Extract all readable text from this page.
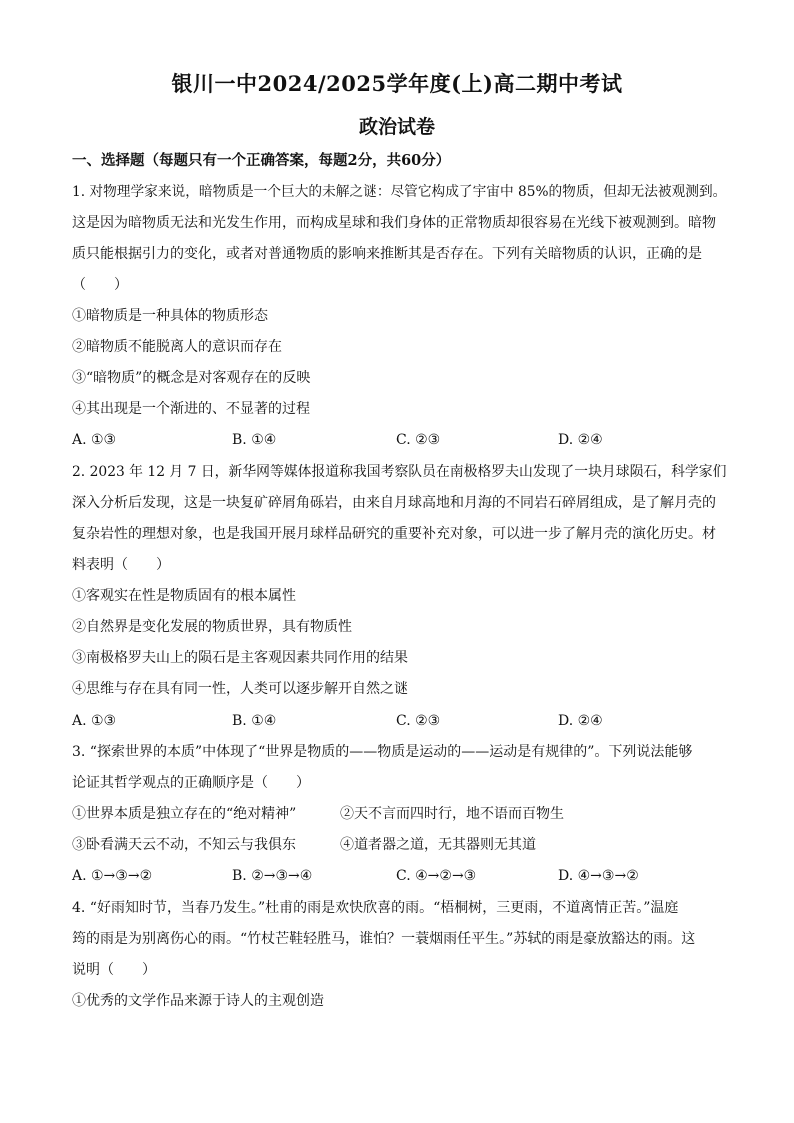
银川一中2024/2025学年度(上)高二期中考试
政治试卷
一、选择题（每题只有一个正确答案，每题2分，共60分）
1. 对物理学家来说，暗物质是一个巨大的未解之谜：尽管它构成了宇宙中 85%的物质，但却无法被观测到。
这是因为暗物质无法和光发生作用，而构成星球和我们身体的正常物质却很容易在光线下被观测到。暗物
质只能根据引力的变化，或者对普通物质的影响来推断其是否存在。下列有关暗物质的认识，正确的是
（　　）
①暗物质是一种具体的物质形态
②暗物质不能脱离人的意识而存在
③“暗物质”的概念是对客观存在的反映
④其出现是一个渐进的、不显著的过程
A. ①③	B. ①④	C. ②③	D. ②④
2. 2023 年 12 月 7 日，新华网等媒体报道称我国考察队员在南极格罗夫山发现了一块月球陨石，科学家们
深入分析后发现，这是一块复矿碎屑角砾岩，由来自月球高地和月海的不同岩石碎屑组成，是了解月壳的
复杂岩性的理想对象，也是我国开展月球样品研究的重要补充对象，可以进一步了解月壳的演化历史。材
料表明（　　）
①客观实在性是物质固有的根本属性
②自然界是变化发展的物质世界，具有物质性
③南极格罗夫山上的陨石是主客观因素共同作用的结果
④思维与存在具有同一性，人类可以逐步解开自然之谜
A. ①③	B. ①④	C. ②③	D. ②④
3. “探索世界的本质”中体现了“世界是物质的——物质是运动的——运动是有规律的”。下列说法能够
论证其哲学观点的正确顺序是（　　）
①世界本质是独立存在的“绝对精神”	②天不言而四时行，地不语而百物生
③卧看满天云不动，不知云与我俱东	④道者器之道，无其器则无其道
A. ①→③→②	B. ②→③→④	C. ④→②→③	D. ④→③→②
4. “好雨知时节，当春乃发生。”杜甫的雨是欢快欣喜的雨。“梧桐树，三更雨，不道离情正苦。”温庭
筠的雨是为别离伤心的雨。“竹杖芒鞋轻胜马，谁怕？一蓑烟雨任平生。”苏轼的雨是豪放豁达的雨。这
说明（　　）
①优秀的文学作品来源于诗人的主观创造
